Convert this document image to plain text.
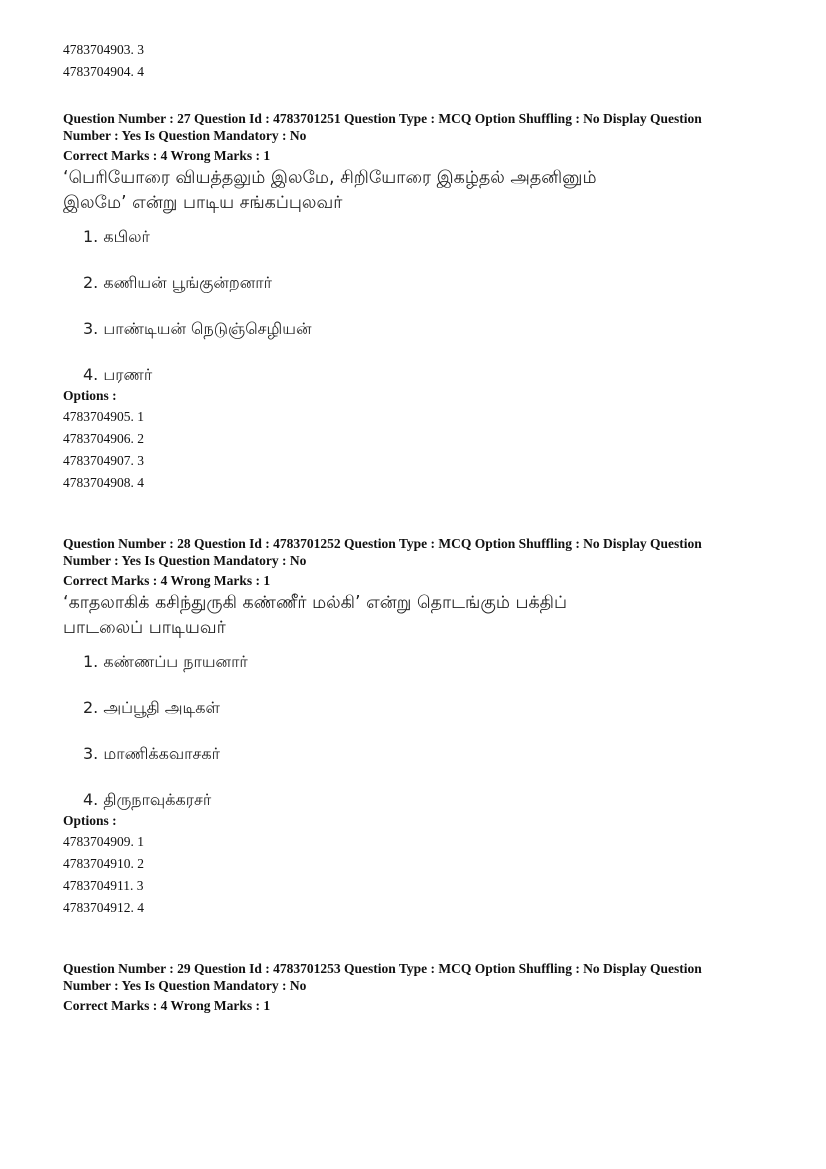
4783704903. 3
4783704904. 4
Question Number : 27 Question Id : 4783701251 Question Type : MCQ Option Shuffling : No Display Question
Number : Yes Is Question Mandatory : No
Correct Marks : 4 Wrong Marks : 1
‘பெரியோரை வியத்தலும் இலமே, சிறியோரை இகழ்தல் அதனினும்
இலமே’ என்று பாடிய சங்கப்புலவர்
1. கபிலர்
2. கணியன் பூங்குன்றனார்
3. பாண்டியன் நெடுஞ்செழியன்
4. பரணர்
Options :
4783704905. 1
4783704906. 2
4783704907. 3
4783704908. 4
Question Number : 28 Question Id : 4783701252 Question Type : MCQ Option Shuffling : No Display Question
Number : Yes Is Question Mandatory : No
Correct Marks : 4 Wrong Marks : 1
‘காதலாகிக் கசிந்துருகி கண்ணீர் மல்கி’ என்று தொடங்கும் பக்திப்
பாடலைப் பாடியவர்
1. கண்ணப்ப நாயனார்
2. அப்பூதி அடிகள்
3. மாணிக்கவாசகர்
4. திருநாவுக்கரசர்
Options :
4783704909. 1
4783704910. 2
4783704911. 3
4783704912. 4
Question Number : 29 Question Id : 4783701253 Question Type : MCQ Option Shuffling : No Display Question
Number : Yes Is Question Mandatory : No
Correct Marks : 4 Wrong Marks : 1
